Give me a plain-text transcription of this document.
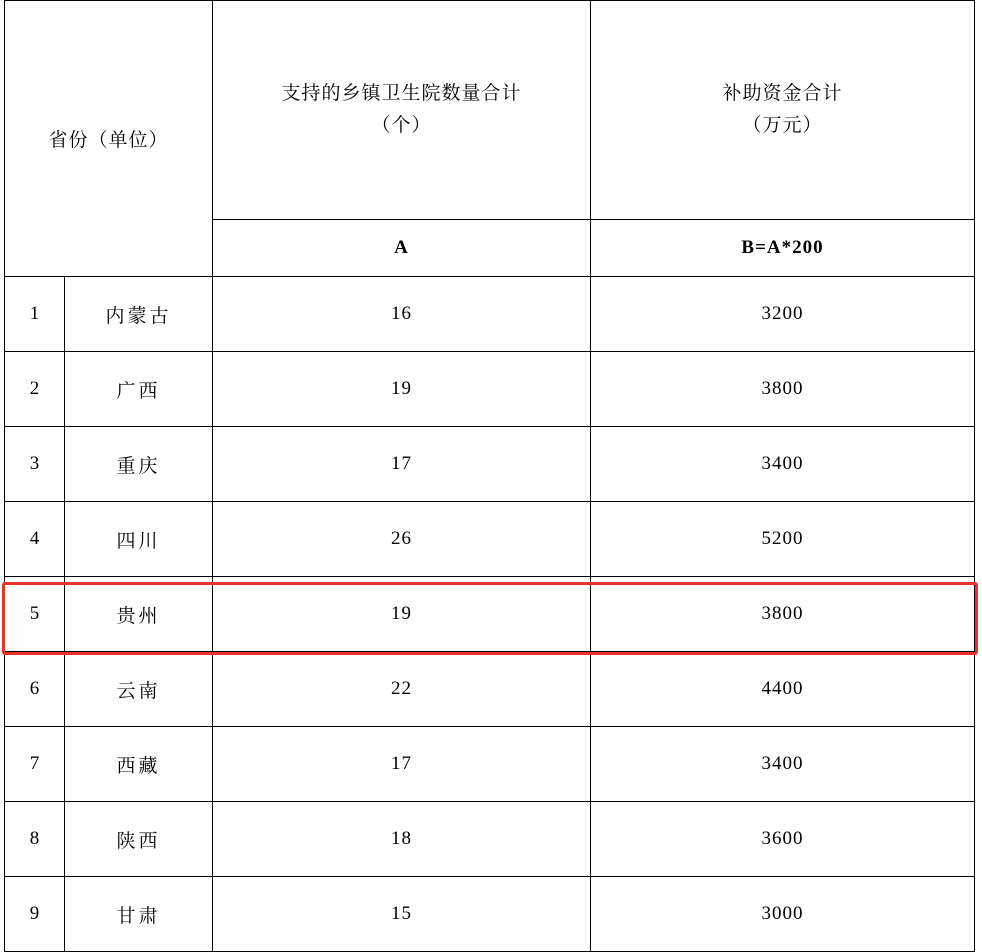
省份（单位）	
支持的乡镇卫生院数量合计
（个）

补助资金合计
（万元）

		A	B=A*200
1	内蒙古	16	3200
2	广西	19	3800
3	重庆	17	3400
4	四川	26	5200
5	贵州	19	3800
6	云南	22	4400
7	西藏	17	3400
8	陕西	18	3600
9	甘肃	15	3000
